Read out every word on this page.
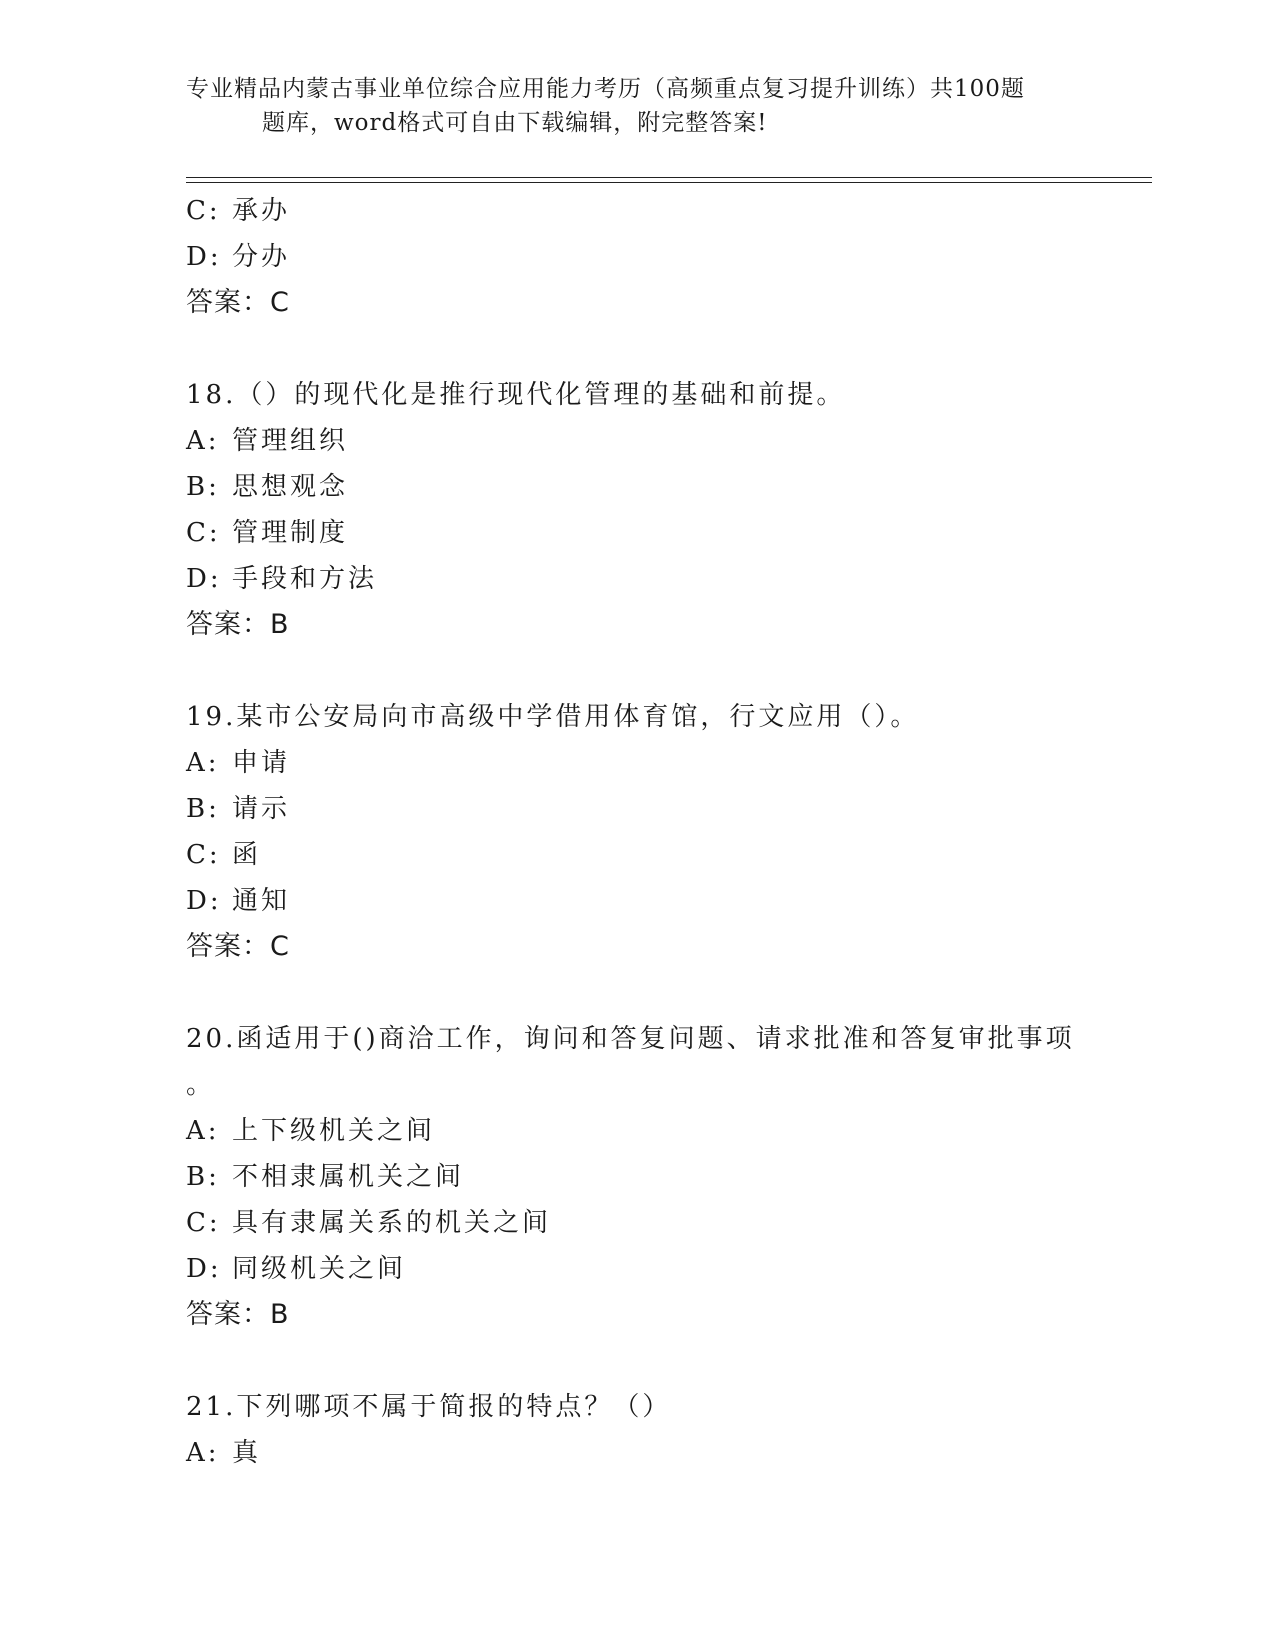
专业精品内蒙古事业单位综合应用能力考历（高频重点复习提升训练）共100题
题库，word格式可自由下载编辑，附完整答案!
C: 承办
D: 分办
答案：C
18.（）的现代化是推行现代化管理的基础和前提。
A: 管理组织
B: 思想观念
C: 管理制度
D: 手段和方法
答案：B
19.某市公安局向市高级中学借用体育馆，行文应用（）。
A: 申请
B: 请示
C: 函
D: 通知
答案：C
20.函适用于()商洽工作，询问和答复问题、请求批准和答复审批事项
。
A: 上下级机关之间
B: 不相隶属机关之间
C: 具有隶属关系的机关之间
D: 同级机关之间
答案：B
21.下列哪项不属于简报的特点？（）
A: 真
